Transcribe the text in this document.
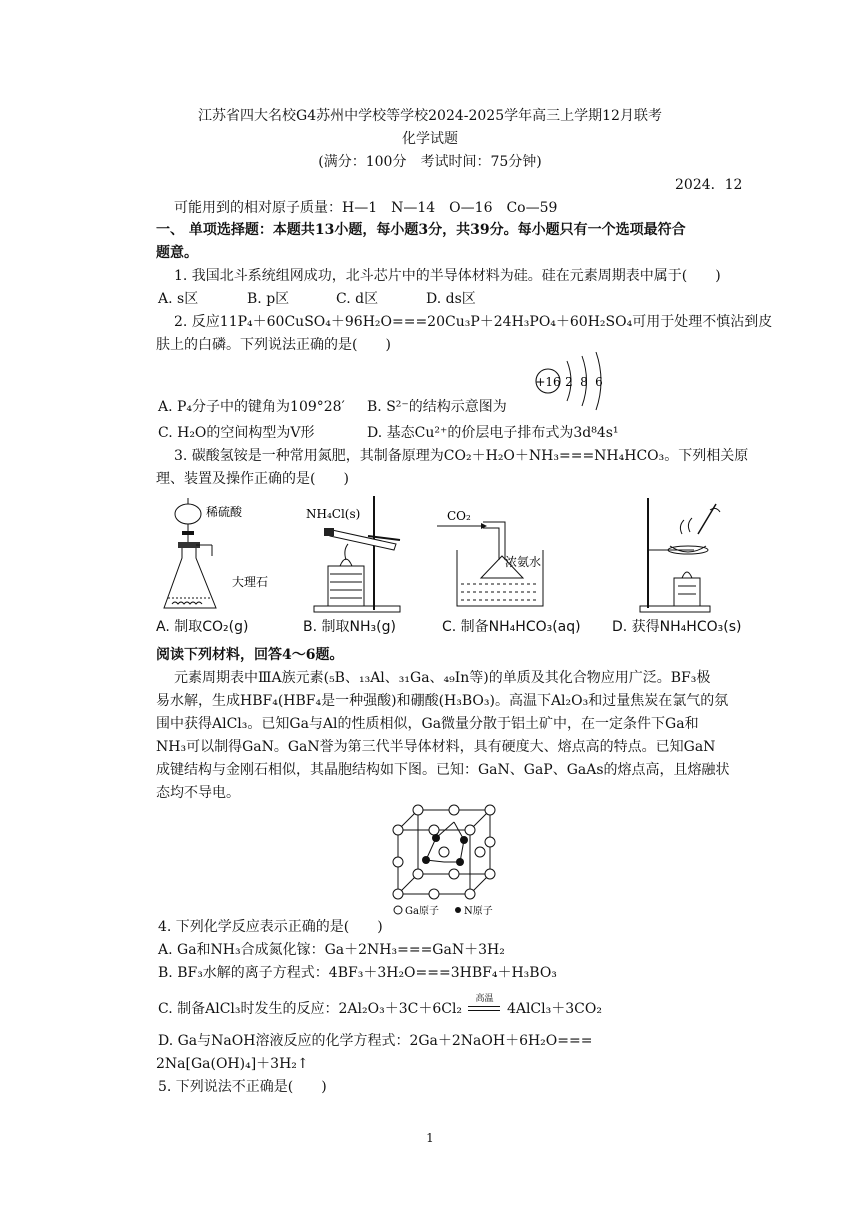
江苏省四大名校G4苏州中学校等学校2024-2025学年高三上学期12月联考
化学试题
(满分：100分　考试时间：75分钟)
2024．12
可能用到的相对原子质量：H—1　N—14　O—16　Co—59
一、 单项选择题：本题共13小题，每小题3分，共39分。每小题只有一个选项最符合
题意。
1. 我国北斗系统组网成功，北斗芯片中的半导体材料为硅。硅在元素周期表中属于(　　)
A. s区	B. p区	C. d区	D. ds区
2. 反应11P₄＋60CuSO₄＋96H₂O===20Cu₃P＋24H₃PO₄＋60H₂SO₄可用于处理不慎沾到皮
肤上的白磷。下列说法正确的是(　　)
+16 2 8 6
A. P₄分子中的键角为109°28′ B. S²⁻的结构示意图为
C. H₂O的空间构型为V形	D. 基态Cu²⁺的价层电子排布式为3d⁸4s¹
3. 碳酸氢铵是一种常用氮肥，其制备原理为CO₂＋H₂O＋NH₃===NH₄HCO₃。下列相关原
理、装置及操作正确的是(　　)
稀硫酸
大理石
NH₄Cl(s)	CO₂
浓氨水
A. 制取CO₂(g)	B. 制取NH₃(g)	C. 制备NH₄HCO₃(aq) D. 获得NH₄HCO₃(s)
阅读下列材料，回答4～6题。
元素周期表中ⅢA族元素(₅B、₁₃Al、₃₁Ga、₄₉In等)的单质及其化合物应用广泛。BF₃极
易水解，生成HBF₄(HBF₄是一种强酸)和硼酸(H₃BO₃)。高温下Al₂O₃和过量焦炭在氯气的氛
围中获得AlCl₃。已知Ga与Al的性质相似，Ga微量分散于铝土矿中，在一定条件下Ga和
NH₃可以制得GaN。GaN誉为第三代半导体材料，具有硬度大、熔点高的特点。已知GaN
成键结构与金刚石相似，其晶胞结构如下图。已知：GaN、GaP、GaAs的熔点高，且熔融状
态均不导电。
Ga原子	N原子
4. 下列化学反应表示正确的是(　　)
A. Ga和NH₃合成氮化镓：Ga＋2NH₃===GaN＋3H₂
B. BF₃水解的离子方程式：4BF₃＋3H₂O===3HBF₄＋H₃BO₃
C. 制备AlCl₃时发生的反应：2Al₂O₃＋3C＋6Cl₂
高温
4AlCl₃＋3CO₂
D. Ga与NaOH溶液反应的化学方程式：2Ga＋2NaOH＋6H₂O===
2Na[Ga(OH)₄]＋3H₂↑
5. 下列说法不正确是(　　)
1
